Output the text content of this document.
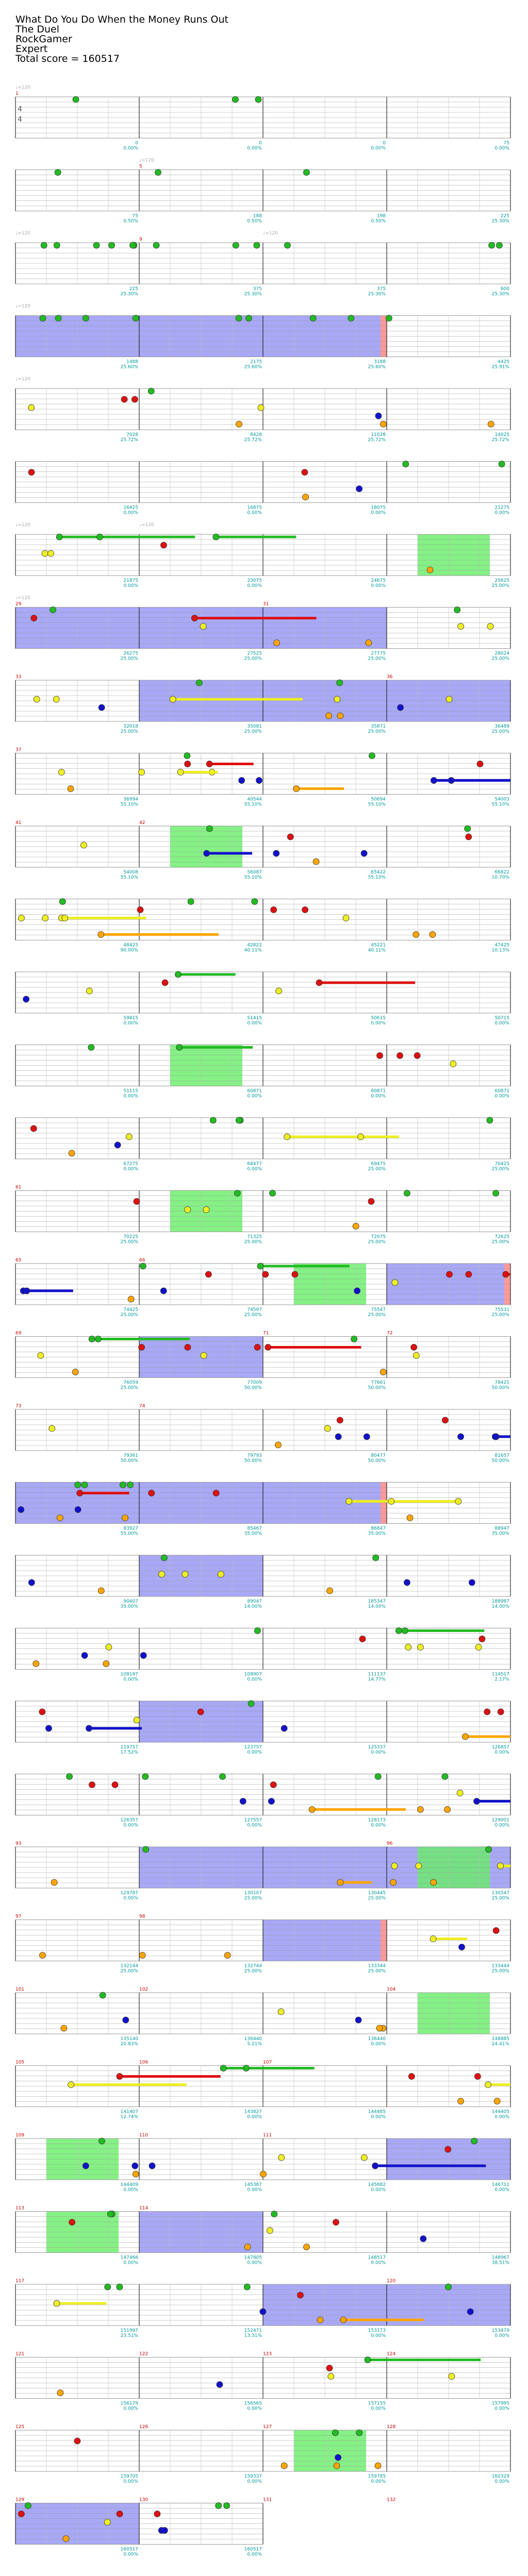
What Do You Do When the Money Runs Out
The Duel
RockGamer
Expert
Total score = 160517
♩=120
1
0
0.00%
0
0.00%
0
0.00%
75
0.00%
4
4
75
0.50%
♩=120
5
188
0.50%
198
0.50%
225
25.30%
♩=120
225
25.30%
9
375
25.30%
♩=120
375
25.30%
600
25.30%
♩=120
1488
25.60%
2175
25.60%
3188
25.60%
4425
25.91%
♩=120
7028
25.72%
8428
25.72%
11028
25.72%
14025
25.72%
16425
0.00%
16875
0.00%
18075
0.00%
21275
0.00%
♩=120
21875
0.00%
♩=120
23075
0.00%
24675
0.00%
25625
25.00%
♩=120
29
26275
25.00%
27525
25.00%
31
27775
25.00%
28024
25.00%
33
32018
25.00%
35081
25.00%
35871
25.00%
36
36489
25.00%
37
36994
55.10%
40544
55.10%
50694
55.10%
54003
55.10%
41
54008
55.10%
42
56087
55.10%
65422
55.10%
66822
10.70%
48425
90.00%
42822
40.11%
45221
40.11%
47425
10.13%
59815
0.00%
51415
0.00%
50615
0.00%
50715
0.00%
51115
0.00%
60871
0.00%
60871
0.00%
60871
0.00%
67275
0.00%
68477
0.00%
69475
25.00%
70425
25.00%
61
70225
25.00%
71325
25.00%
72075
25.00%
72625
25.00%
65
74425
25.00%
66
74597
25.00%
75547
25.00%
75531
25.00%
69
76059
25.00%
77009
50.00%
71
77661
50.00%
72
78421
50.00%
73
79361
50.00%
74
79793
50.00%
80477
50.00%
81657
50.00%
83927
55.00%
85467
35.00%
86847
35.00%
88947
35.00%
90407
35.00%
89047
14.00%
185347
14.00%
188987
14.00%
108197
0.00%
108907
0.00%
111137
14.77%
114517
2.17%
119757
17.52%
123757
0.00%
125337
0.00%
126857
0.00%
126357
0.00%
127557
0.00%
128173
0.00%
129001
0.00%
93
129787
0.00%
130107
25.00%
130445
25.00%
96
130547
25.00%
97
132144
25.00%
98
132744
25.00%
133344
25.00%
133444
25.00%
101
135140
20.83%
102
136440
5.21%
136440
0.00%
104
148885
24.41%
105
141407
12.74%
106
143827
0.00%
107
144485
0.00%
144405
0.00%
109
144409
0.00%
110
145387
0.00%
111
145682
0.00%
146711
0.00%
113
147466
0.00%
114
147805
0.00%
148517
0.00%
148967
38.51%
117
151997
23.51%
152471
13.31%
153173
0.00%
120
153479
0.00%
121
156179
0.00%
122
156565
0.00%
123
157155
0.00%
124
157995
0.00%
125
159705
0.00%
126
159337
0.00%
127
159785
0.00%
128
160329
0.00%
129
160517
0.00%
130
160517
0.00%
131	132
